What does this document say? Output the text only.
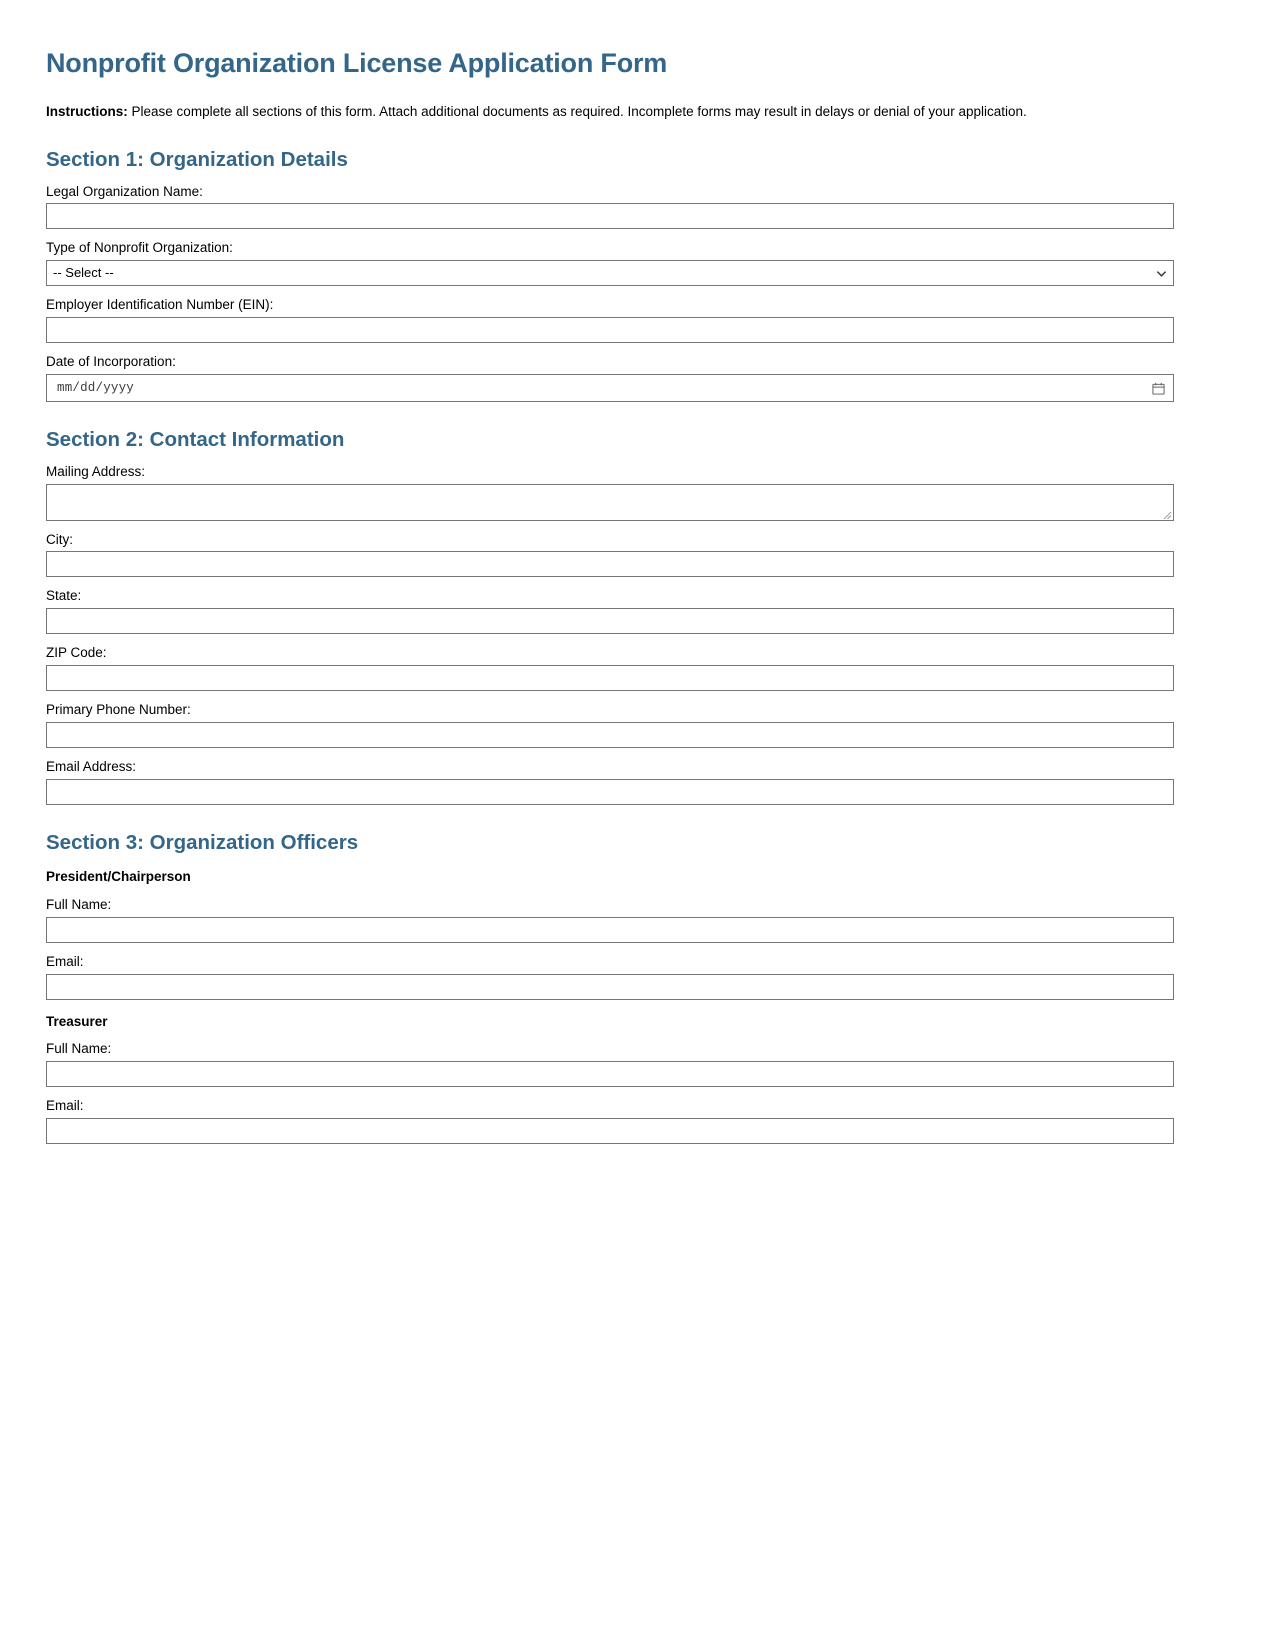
Nonprofit Organization License Application Form

Instructions: Please complete all sections of this form. Attach additional documents as required. Incomplete forms may result in delays or denial of your application.

Section 1: Organization Details
Legal Organization Name:
Type of Nonprofit Organization:
-- Select --
Employer Identification Number (EIN):
Date of Incorporation:
mm/dd/yyyy
Section 2: Contact Information
Mailing Address:
City:
State:
ZIP Code:
Primary Phone Number:
Email Address:
Section 3: Organization Officers
President/Chairperson
Full Name:
Email:
Treasurer
Full Name:
Email:
